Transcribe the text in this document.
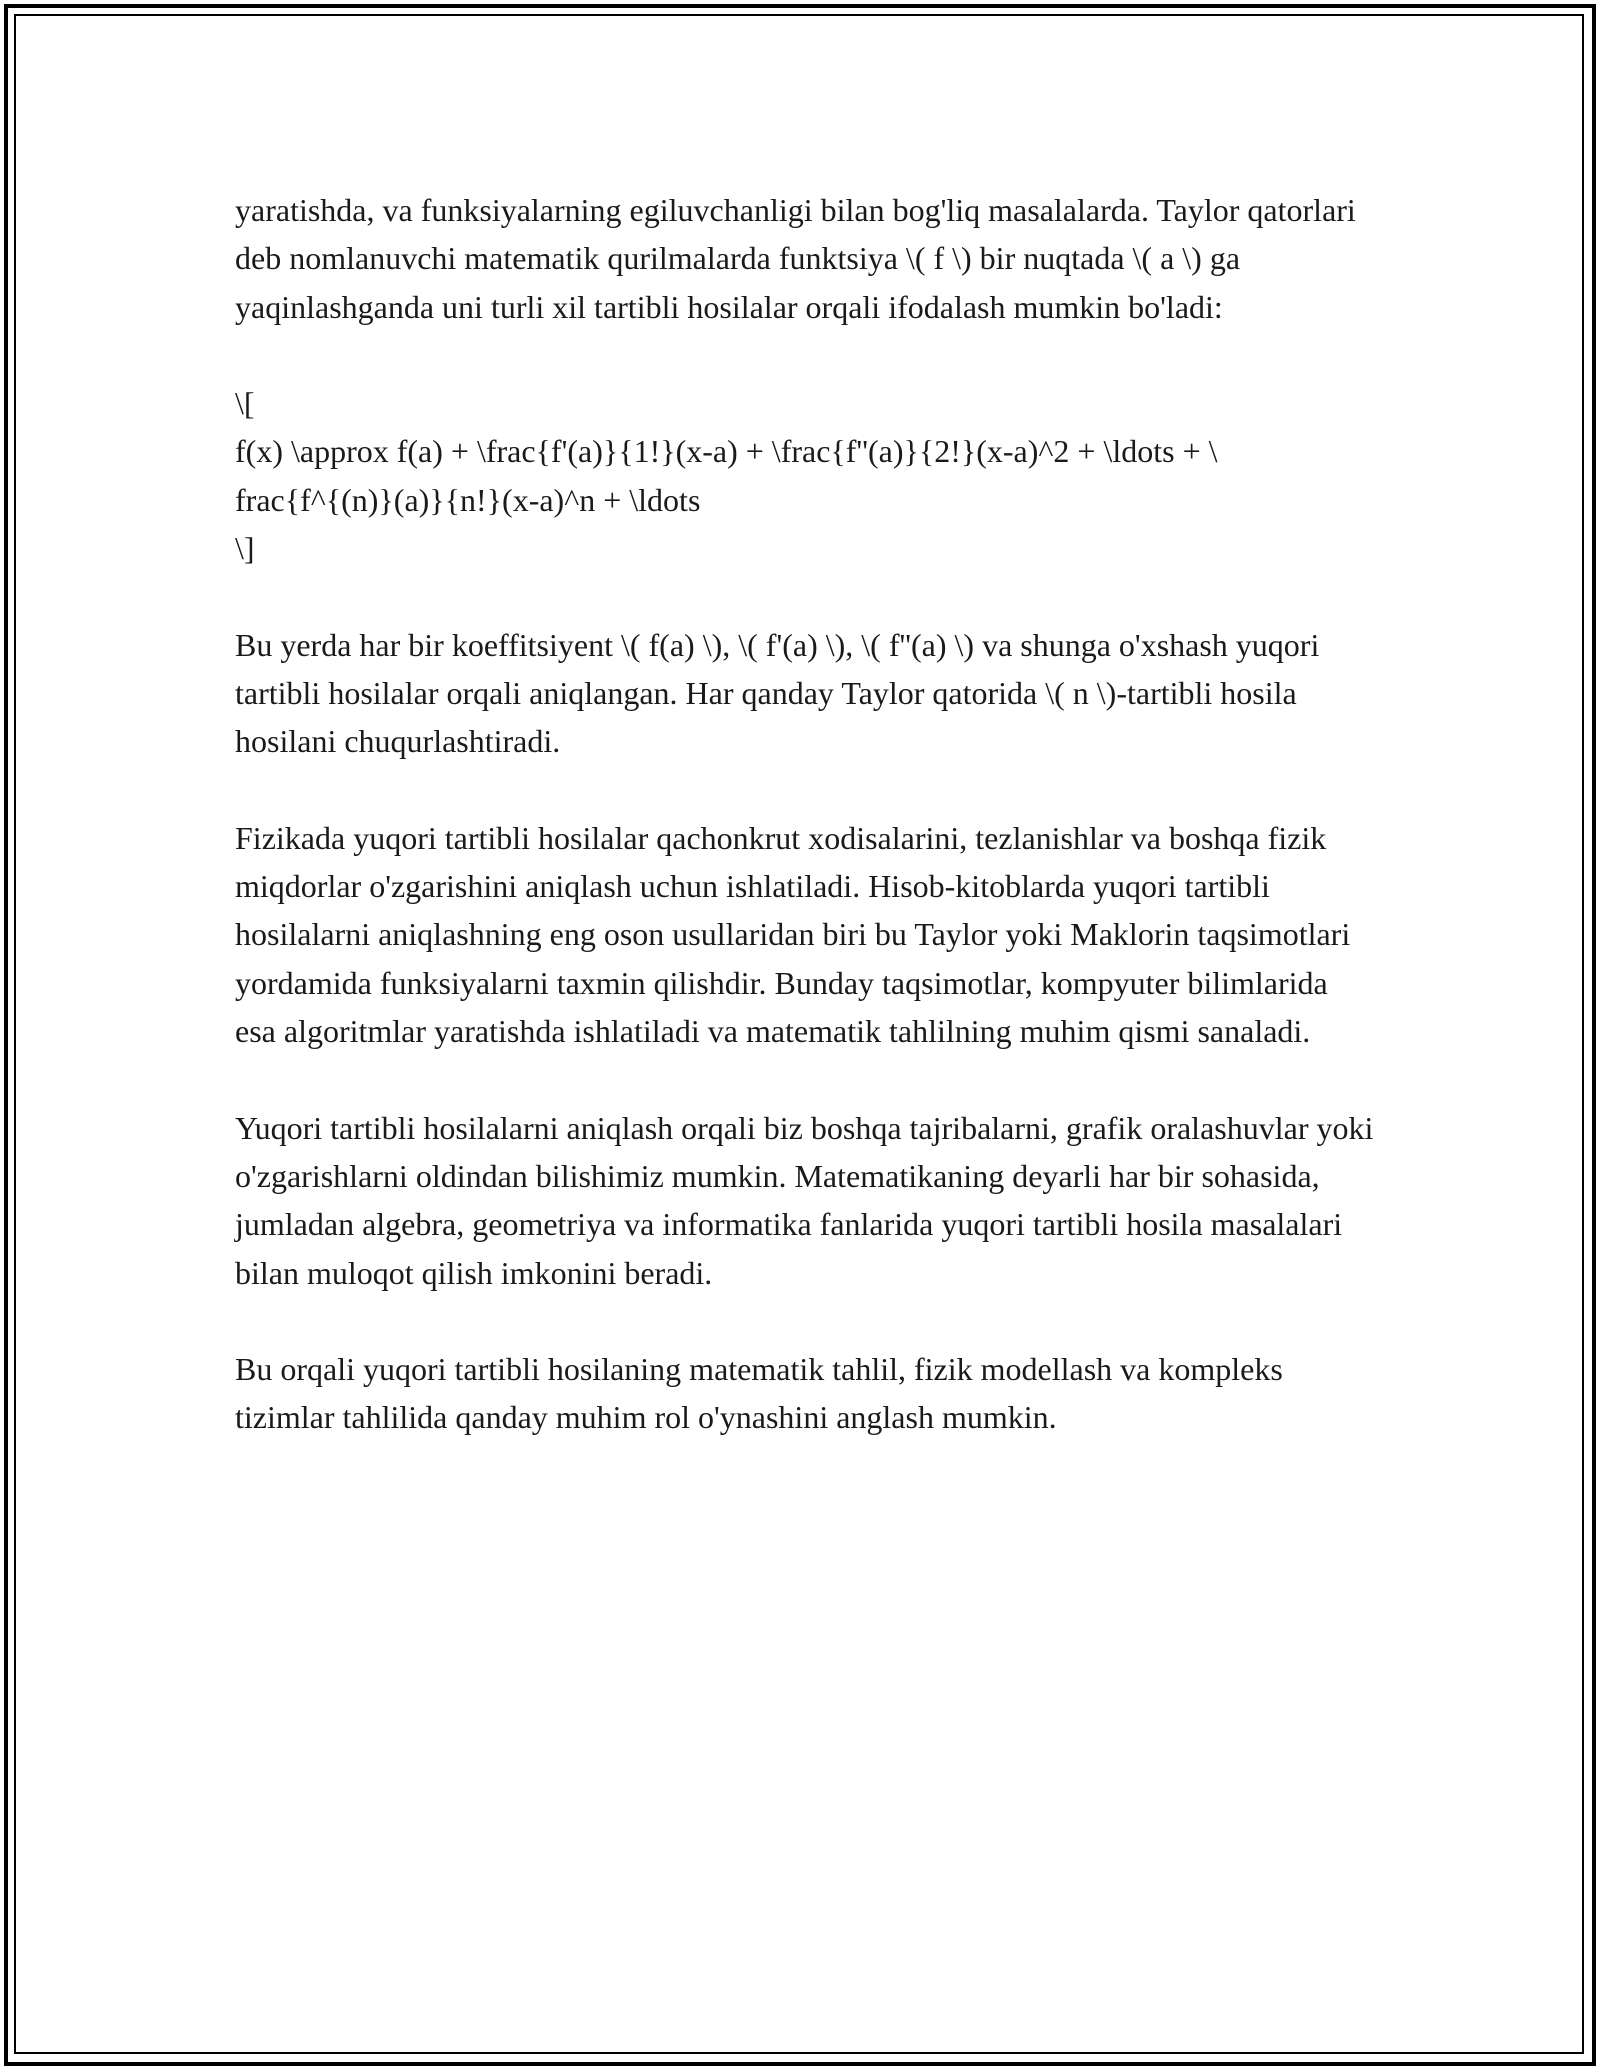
yaratishda, va funksiyalarning egiluvchanligi bilan bog'liq masalalarda. Taylor qatorlari deb nomlanuvchi matematik qurilmalarda funktsiya \( f \) bir nuqtada \( a \) ga yaqinlashganda uni turli xil tartibli hosilalar orqali ifodalash mumkin bo'ladi:

\[
f(x) \approx f(a) + \frac{f'(a)}{1!}(x-a) + \frac{f''(a)}{2!}(x-a)^2 + \ldots + \
frac{f^{(n)}(a)}{n!}(x-a)^n + \ldots
\]

Bu yerda har bir koeffitsiyent \( f(a) \), \( f'(a) \), \( f''(a) \) va shunga o'xshash yuqori tartibli hosilalar orqali aniqlangan. Har qanday Taylor qatorida \( n \)-tartibli hosila hosilani chuqurlashtiradi.

Fizikada yuqori tartibli hosilalar qachonkrut xodisalarini, tezlanishlar va boshqa fizik miqdorlar o'zgarishini aniqlash uchun ishlatiladi. Hisob-kitoblarda yuqori tartibli hosilalarni aniqlashning eng oson usullaridan biri bu Taylor yoki Maklorin taqsimotlari yordamida funksiyalarni taxmin qilishdir. Bunday taqsimotlar, kompyuter bilimlarida esa algoritmlar yaratishda ishlatiladi va matematik tahlilning muhim qismi sanaladi.

Yuqori tartibli hosilalarni aniqlash orqali biz boshqa tajribalarni, grafik oralashuvlar yoki o'zgarishlarni oldindan bilishimiz mumkin. Matematikaning deyarli har bir sohasida, jumladan algebra, geometriya va informatika fanlarida yuqori tartibli hosila masalalari bilan muloqot qilish imkonini beradi.

Bu orqali yuqori tartibli hosilaning matematik tahlil, fizik modellash va kompleks tizimlar tahlilida qanday muhim rol o'ynashini anglash mumkin.
